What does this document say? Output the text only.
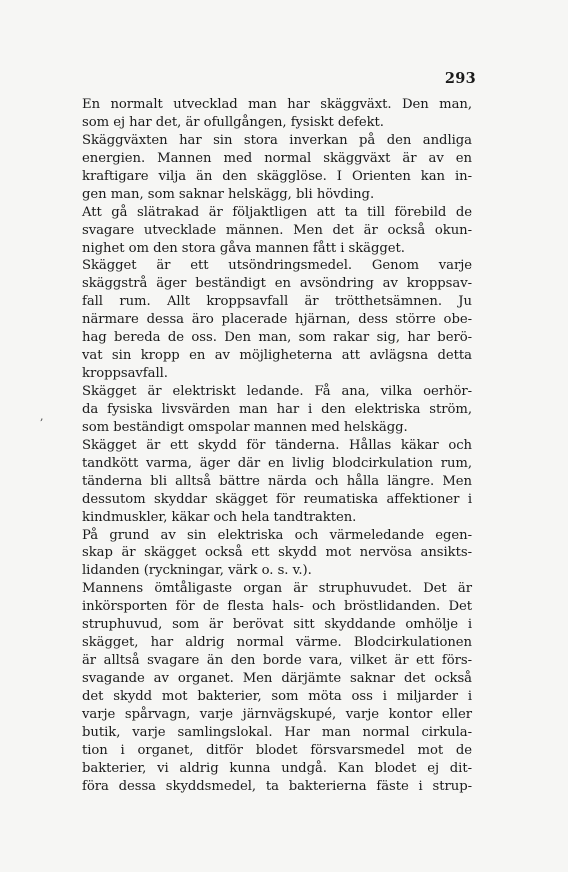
293
,
En normalt utvecklad man har skäggväxt. Den man,
som ej har det, är ofullgången, fysiskt defekt.
Skäggväxten har sin stora inverkan på den andliga
energien. Mannen med normal skäggväxt är av en
kraftigare vilja än den skägglöse. I Orienten kan in-
gen man, som saknar helskägg, bli hövding.
Att gå slätrakad är följaktligen att ta till förebild de
svagare utvecklade männen. Men det är också okun-
nighet om den stora gåva mannen fått i skägget.
Skägget är ett utsöndringsmedel. Genom varje
skäggstrå äger beständigt en avsöndring av kroppsav-
fall rum. Allt kroppsavfall är trötthetsämnen. Ju
närmare dessa äro placerade hjärnan, dess större obe-
hag bereda de oss. Den man, som rakar sig, har berö-
vat sin kropp en av möjligheterna att avlägsna detta
kroppsavfall.
Skägget är elektriskt ledande. Få ana, vilka oerhör-
da fysiska livsvärden man har i den elektriska ström,
som beständigt omspolar mannen med helskägg.
Skägget är ett skydd för tänderna. Hållas käkar och
tandkött varma, äger där en livlig blodcirkulation rum,
tänderna bli alltså bättre närda och hålla längre. Men
dessutom skyddar skägget för reumatiska affektioner i
kindmuskler, käkar och hela tandtrakten.
På grund av sin elektriska och värmeledande egen-
skap är skägget också ett skydd mot nervösa ansikts-
lidanden (ryckningar, värk o. s. v.).
Mannens ömtåligaste organ är struphuvudet. Det är
inkörsporten för de flesta hals- och bröstlidanden. Det
struphuvud, som är berövat sitt skyddande omhölje i
skägget, har aldrig normal värme. Blodcirkulationen
är alltså svagare än den borde vara, vilket är ett förs-
svagande av organet. Men därjämte saknar det också
det skydd mot bakterier, som möta oss i miljarder i
varje spårvagn, varje järnvägskupé, varje kontor eller
butik, varje samlingslokal. Har man normal cirkula-
tion i organet, ditför blodet försvarsmedel mot de
bakterier, vi aldrig kunna undgå. Kan blodet ej dit-
föra dessa skyddsmedel, ta bakterierna fäste i strup-
